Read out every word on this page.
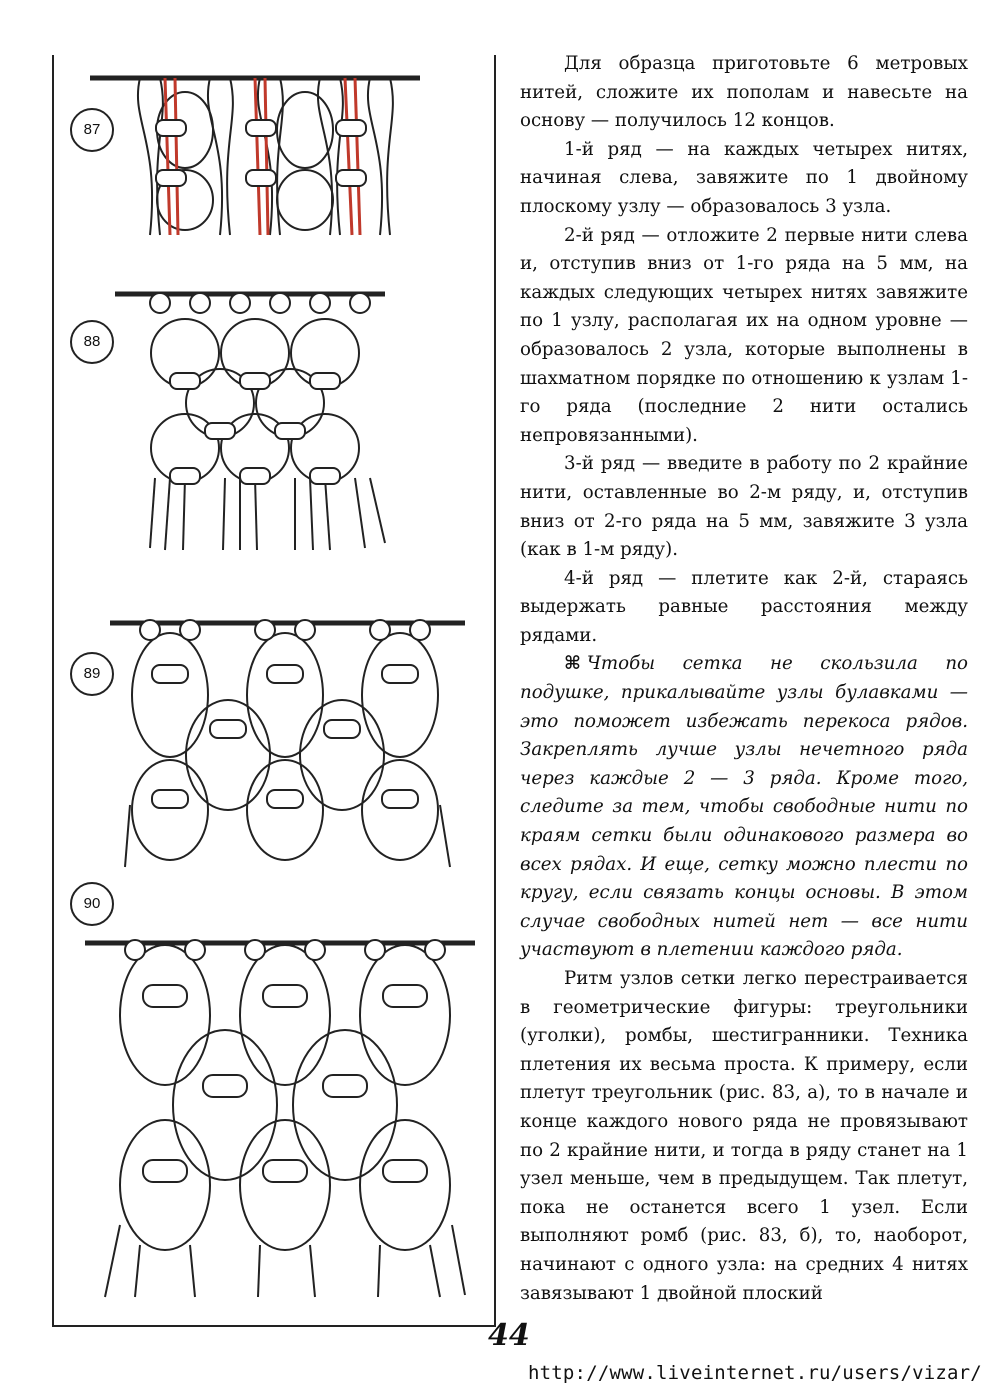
87
88
89
90

Для образца приготовьте 6 метровых нитей, сложите их пополам и навесьте на основу — получилось 12 концов.

1-й ряд — на каждых четырех нитях, начиная слева, завяжите по 1 двойному плоскому узлу — образовалось 3 узла.

2-й ряд — отложите 2 первые нити слева и, отступив вниз от 1-го ряда на 5 мм, на каждых следующих четырех нитях завяжите по 1 узлу, располагая их на одном уровне — образовалось 2 узла, которые выполнены в шахматном порядке по отношению к узлам 1-го ряда (последние 2 нити остались непровязанными).

3-й ряд — введите в работу по 2 крайние нити, оставленные во 2-м ряду, и, отступив вниз от 2-го ряда на 5 мм, завяжите 3 узла (как в 1-м ряду).

4-й ряд — плетите как 2-й, стараясь выдержать равные расстояния между рядами.

⌘ Чтобы сетка не скользила по подушке, прикалывайте узлы булавками — это поможет избежать перекоса рядов. Закреплять лучше узлы нечетного ряда через каждые 2 — 3 ряда. Кроме того, следите за тем, чтобы свободные нити по краям сетки были одинакового размера во всех рядах. И еще, сетку можно плести по кругу, если связать концы основы. В этом случае свободных нитей нет — все нити участвуют в плетении каждого ряда.

Ритм узлов сетки легко перестраивается в геометрические фигуры: треугольники (уголки), ромбы, шестигранники. Техника плетения их весьма проста. К примеру, если плетут треугольник (рис. 83, а), то в начале и конце каждого нового ряда не провязывают по 2 крайние нити, и тогда в ряду станет на 1 узел меньше, чем в предыдущем. Так плетут, пока не останется всего 1 узел. Если выполняют ромб (рис. 83, б), то, наоборот, начинают с одного узла: на средних 4 нитях завязывают 1 двойной плоский

44
http://www.liveinternet.ru/users/vizar/
